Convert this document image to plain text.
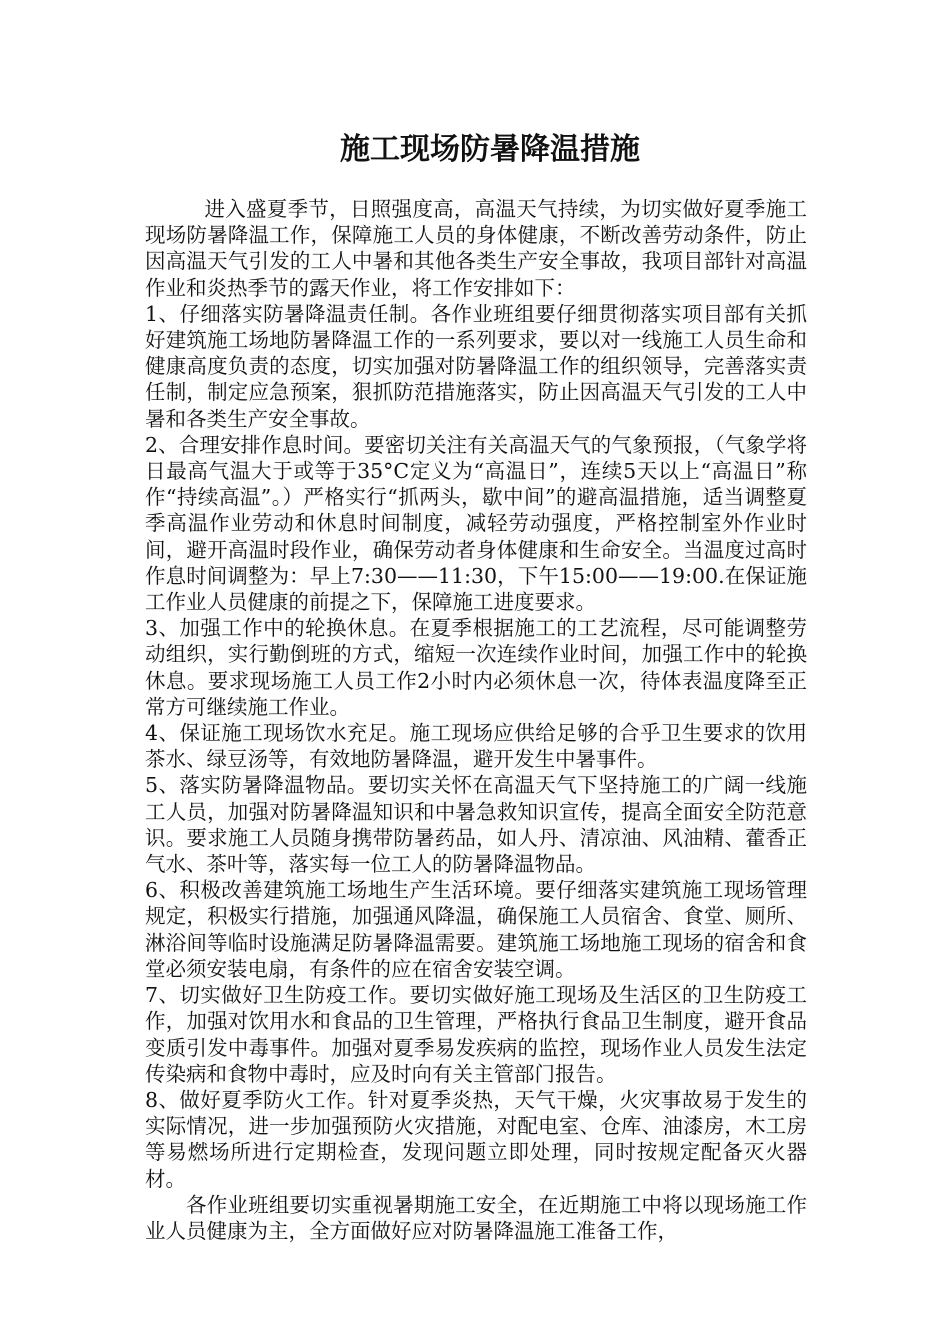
施工现场防暑降温措施

进入盛夏季节，日照强度高，高温天气持续，为切实做好夏季施工现场防暑降温工作，保障施工人员的身体健康，不断改善劳动条件，防止因高温天气引发的工人中暑和其他各类生产安全事故，我项目部针对高温作业和炎热季节的露天作业，将工作安排如下：

1、仔细落实防暑降温责任制。各作业班组要仔细贯彻落实项目部有关抓好建筑施工场地防暑降温工作的一系列要求，要以对一线施工人员生命和健康高度负责的态度，切实加强对防暑降温工作的组织领导，完善落实责任制，制定应急预案，狠抓防范措施落实，防止因高温天气引发的工人中暑和各类生产安全事故。

2、合理安排作息时间。要密切关注有关高温天气的气象预报，（气象学将日最高气温大于或等于35°C定义为“高温日”，连续5天以上“高温日”称作“持续高温”。）严格实行“抓两头，歇中间”的避高温措施，适当调整夏季高温作业劳动和休息时间制度，减轻劳动强度，严格控制室外作业时间，避开高温时段作业，确保劳动者身体健康和生命安全。当温度过高时作息时间调整为：早上7:30——11:30，下午15:00——19:00.在保证施工作业人员健康的前提之下，保障施工进度要求。

3、加强工作中的轮换休息。在夏季根据施工的工艺流程，尽可能调整劳动组织，实行勤倒班的方式，缩短一次连续作业时间，加强工作中的轮换休息。要求现场施工人员工作2小时内必须休息一次，待体表温度降至正常方可继续施工作业。

4、保证施工现场饮水充足。施工现场应供给足够的合乎卫生要求的饮用茶水、绿豆汤等，有效地防暑降温，避开发生中暑事件。

5、落实防暑降温物品。要切实关怀在高温天气下坚持施工的广阔一线施工人员，加强对防暑降温知识和中暑急救知识宣传，提高全面安全防范意识。要求施工人员随身携带防暑药品，如人丹、清凉油、风油精、藿香正气水、茶叶等，落实每一位工人的防暑降温物品。

6、积极改善建筑施工场地生产生活环境。要仔细落实建筑施工现场管理规定，积极实行措施，加强通风降温，确保施工人员宿舍、食堂、厕所、淋浴间等临时设施满足防暑降温需要。建筑施工场地施工现场的宿舍和食堂必须安装电扇，有条件的应在宿舍安装空调。

7、切实做好卫生防疫工作。要切实做好施工现场及生活区的卫生防疫工作，加强对饮用水和食品的卫生管理，严格执行食品卫生制度，避开食品变质引发中毒事件。加强对夏季易发疾病的监控，现场作业人员发生法定传染病和食物中毒时，应及时向有关主管部门报告。

8、做好夏季防火工作。针对夏季炎热，天气干燥，火灾事故易于发生的实际情况，进一步加强预防火灾措施，对配电室、仓库、油漆房，木工房等易燃场所进行定期检查，发现问题立即处理，同时按规定配备灭火器材。

各作业班组要切实重视暑期施工安全，在近期施工中将以现场施工作业人员健康为主，全方面做好应对防暑降温施工准备工作，
